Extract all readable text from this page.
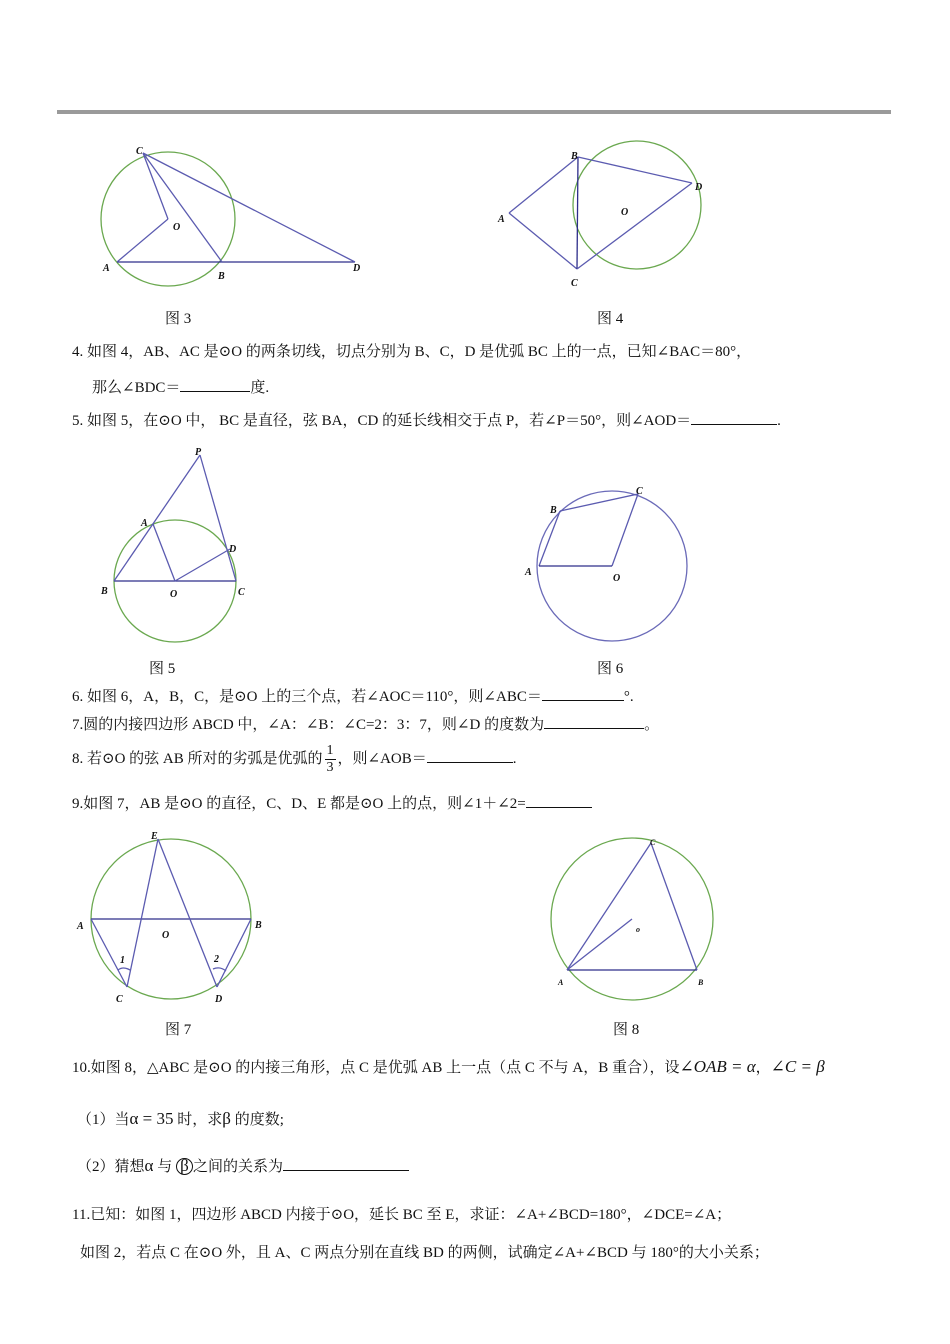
C
O
A
B
D
B
D
O
A
C
P
A
D
B	O	C
B
C
A
O
E
A	B
O
1	2
C	D
C
o
A	B
图 3	图 4
图 5	图 6
图 7	图 8
4. 如图 4，AB、AC 是⊙O 的两条切线，切点分别为 B、C，D 是优弧 BC 上的一点，已知∠BAC＝80°，
那么∠BDC＝	度.
5. 如图 5，在⊙O 中， BC 是直径，弦 BA，CD 的延长线相交于点 P，若∠P＝50°，则∠AOD＝	.
6. 如图 6，A，B，C，是⊙O 上的三个点，若∠AOC＝110°，则∠ABC＝	°.
7.圆的内接四边形 ABCD 中，∠A：∠B：∠C=2：3：7，则∠D 的度数为	。
8. 若⊙O 的弦 AB 所对的劣弧是优弧的 $\frac{1}{3}$ ，则∠AOB＝	.
9.如图 7，AB 是⊙O 的直径，C、D、E 都是⊙O 上的点，则∠1＋∠2=
10.如图 8，△ABC 是⊙O 的内接三角形，点 C 是优弧 AB 上一点（点 C 不与 A，B 重合），设∠OAB = α，∠C = β
（1）当α = 35 时，求β 的度数;
（2）猜想α 与 β 之间的关系为
11.已知：如图 1，四边形 ABCD 内接于⊙O，延长 BC 至 E，求证：∠A+∠BCD=180°，∠DCE=∠A；
如图 2，若点 C 在⊙O 外，且 A、C 两点分别在直线 BD 的两侧，试确定∠A+∠BCD 与 180°的大小关系；
